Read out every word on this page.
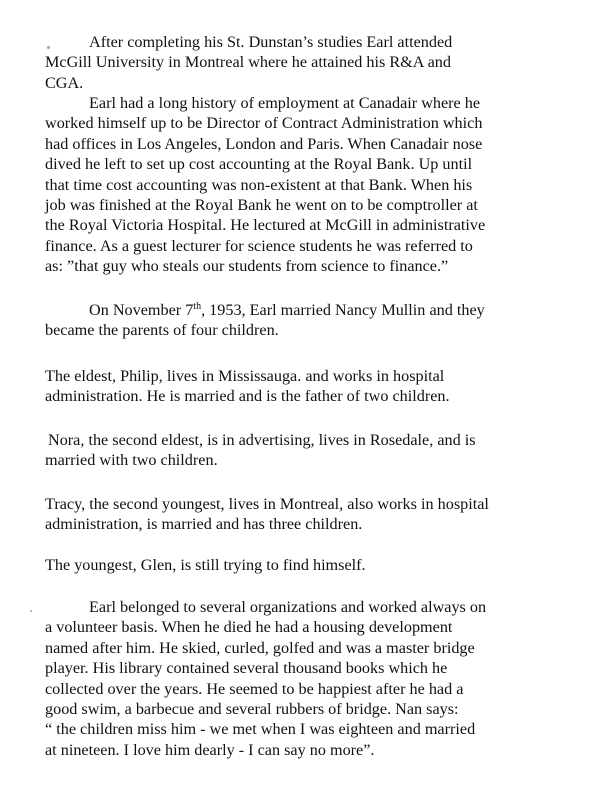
After completing his St. Dunstan’s studies Earl attended
McGill University in Montreal where he attained his R&A and
CGA.

Earl had a long history of employment at Canadair where he
worked himself up to be Director of Contract Administration which
had offices in Los Angeles, London and Paris. When Canadair nose
dived he left to set up cost accounting at the Royal Bank. Up until
that time cost accounting was non-existent at that Bank. When his
job was finished at the Royal Bank he went on to be comptroller at
the Royal Victoria Hospital. He lectured at McGill in administrative
finance. As a guest lecturer for science students he was referred to
as: ”that guy who steals our students from science to finance.”

On November 7th, 1953, Earl married Nancy Mullin and they
became the parents of four children.

The eldest, Philip, lives in Mississauga. and works in hospital
administration. He is married and is the father of two children.

Nora, the second eldest, is in advertising, lives in Rosedale, and is
married with two children.

Tracy, the second youngest, lives in Montreal, also works in hospital
administration, is married and has three children.

The youngest, Glen, is still trying to find himself.

Earl belonged to several organizations and worked always on
a volunteer basis. When he died he had a housing development
named after him. He skied, curled, golfed and was a master bridge
player. His library contained several thousand books which he
collected over the years. He seemed to be happiest after he had a
good swim, a barbecue and several rubbers of bridge. Nan says:
“ the children miss him - we met when I was eighteen and married
at nineteen. I love him dearly - I can say no more”.
